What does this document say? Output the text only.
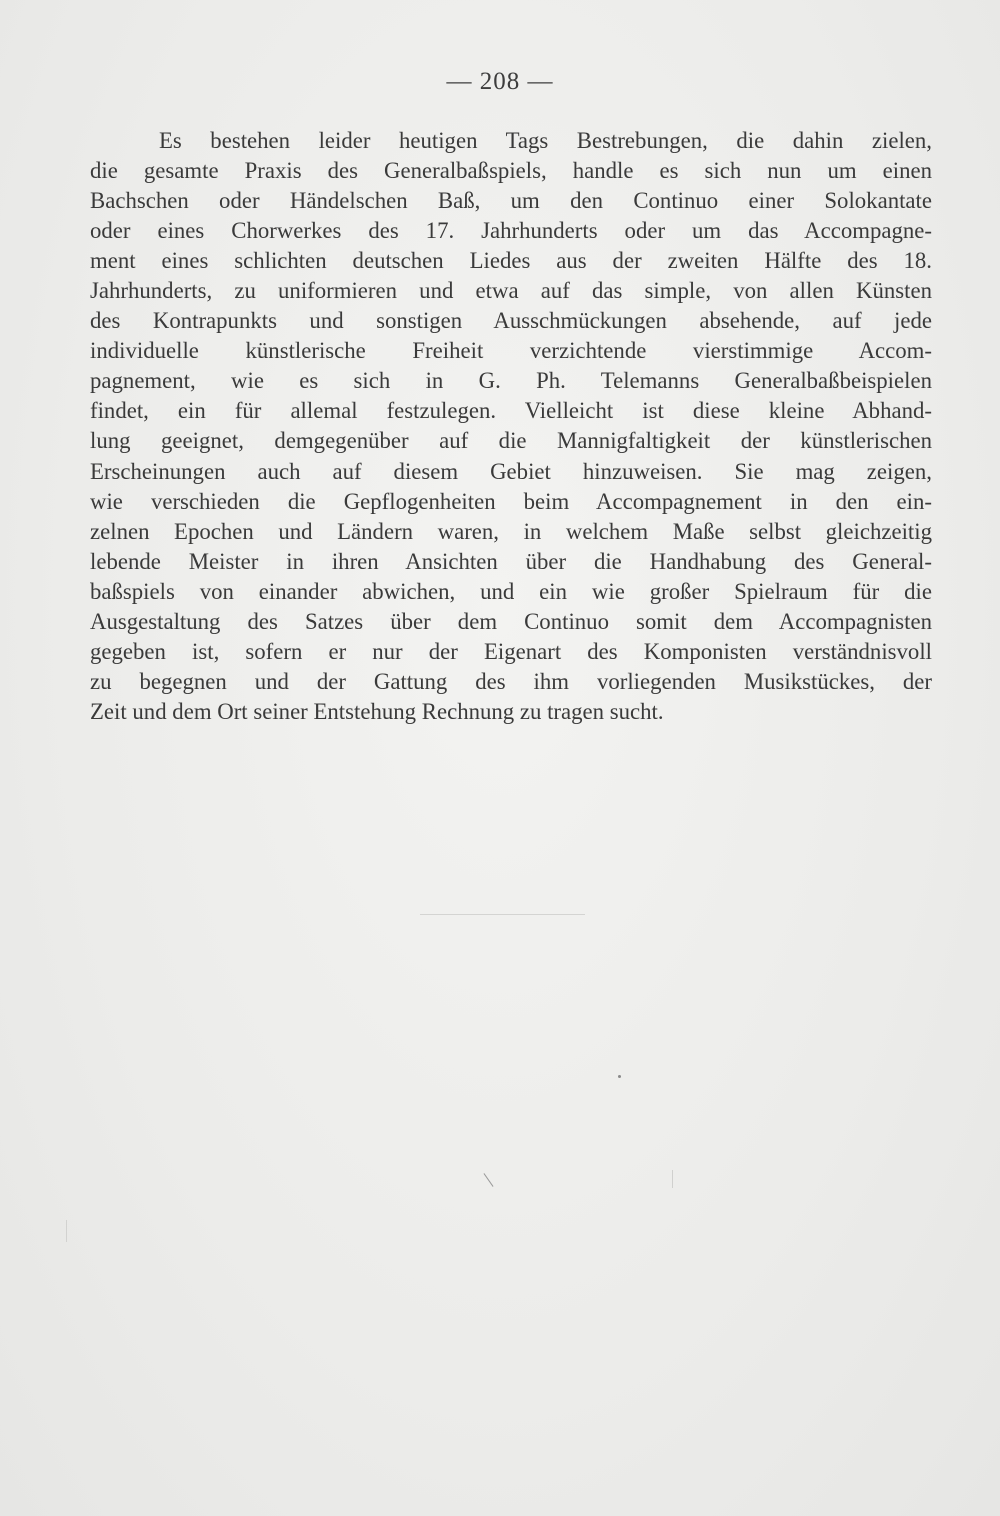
— 208 —
Es bestehen leider heutigen Tags Bestrebungen, die dahin zielen,
die gesamte Praxis des Generalbaßspiels, handle es sich nun um einen
Bachschen oder Händelschen Baß, um den Continuo einer Solokantate
oder eines Chorwerkes des 17. Jahrhunderts oder um das Accompagne-
ment eines schlichten deutschen Liedes aus der zweiten Hälfte des 18.
Jahrhunderts, zu uniformieren und etwa auf das simple, von allen Künsten
des Kontrapunkts und sonstigen Ausschmückungen absehende, auf jede
individuelle künstlerische Freiheit verzichtende vierstimmige Accom-
pagnement, wie es sich in G. Ph. Telemanns Generalbaßbeispielen
findet, ein für allemal festzulegen. Vielleicht ist diese kleine Abhand-
lung geeignet, demgegenüber auf die Mannigfaltigkeit der künstlerischen
Erscheinungen auch auf diesem Gebiet hinzuweisen. Sie mag zeigen,
wie verschieden die Gepflogenheiten beim Accompagnement in den ein-
zelnen Epochen und Ländern waren, in welchem Maße selbst gleichzeitig
lebende Meister in ihren Ansichten über die Handhabung des General-
baßspiels von einander abwichen, und ein wie großer Spielraum für die
Ausgestaltung des Satzes über dem Continuo somit dem Accompagnisten
gegeben ist, sofern er nur der Eigenart des Komponisten verständnisvoll
zu begegnen und der Gattung des ihm vorliegenden Musikstückes, der
Zeit und dem Ort seiner Entstehung Rechnung zu tragen sucht.
